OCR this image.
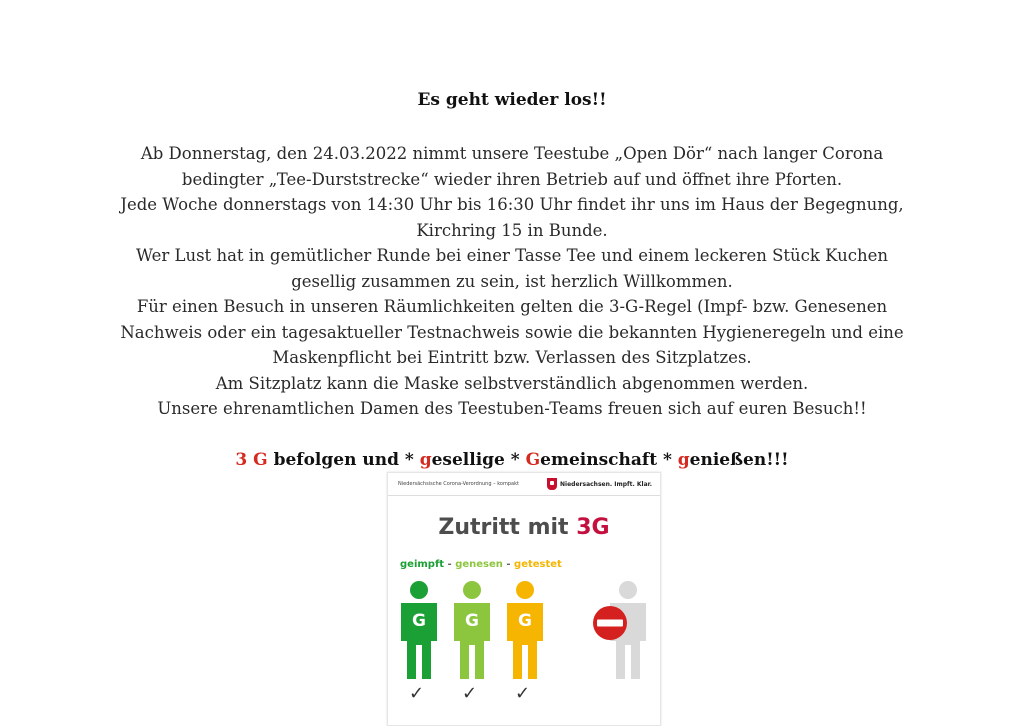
Es geht wieder los!!

Ab Donnerstag, den 24.03.2022 nimmt unsere Teestube „Open Dör“ nach langer Corona

bedingter „Tee-Durststrecke“ wieder ihren Betrieb auf und öffnet ihre Pforten.

Jede Woche donnerstags von 14:30 Uhr bis 16:30 Uhr findet ihr uns im Haus der Begegnung,

Kirchring 15 in Bunde.

Wer Lust hat in gemütlicher Runde bei einer Tasse Tee und einem leckeren Stück Kuchen

gesellig zusammen zu sein, ist herzlich Willkommen.

Für einen Besuch in unseren Räumlichkeiten gelten die 3-G-Regel (Impf- bzw. Genesenen

Nachweis oder ein tagesaktueller Testnachweis sowie die bekannten Hygieneregeln und eine

Maskenpflicht bei Eintritt bzw. Verlassen des Sitzplatzes.

Am Sitzplatz kann die Maske selbstverständlich abgenommen werden.

Unsere ehrenamtlichen Damen des Teestuben-Teams freuen sich auf euren Besuch!!

3 G befolgen und * gesellige * Gemeinschaft * genießen!!!
Niedersächsische Corona-Verordnung – kompakt	Niedersachsen. Impft. Klar.
Zutritt mit 3G
geimpft - genesen - getestet
G G G
✓ ✓ ✓
